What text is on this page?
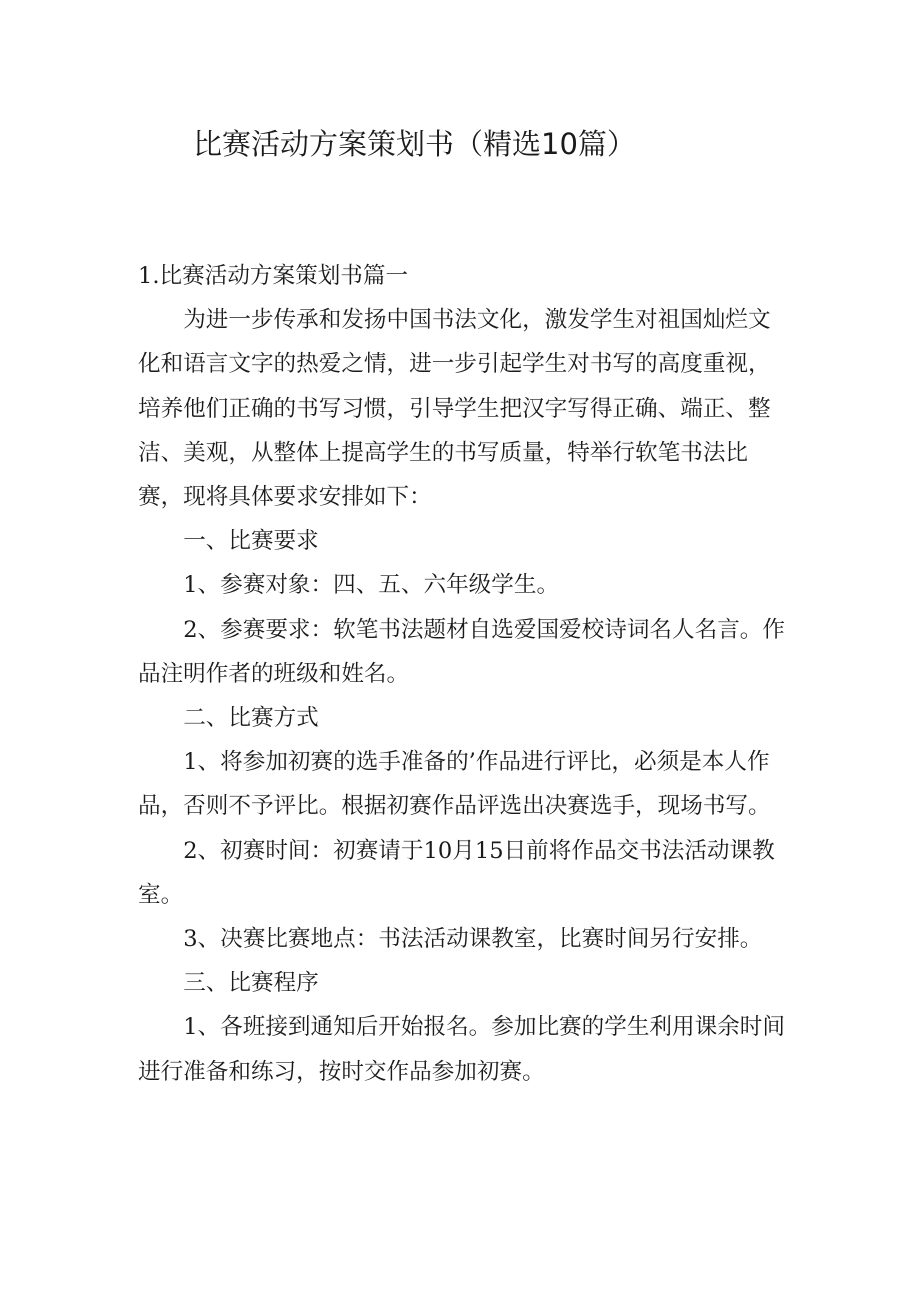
比赛活动方案策划书（精选10篇）

1.比赛活动方案策划书篇一

为进一步传承和发扬中国书法文化，激发学生对祖国灿烂文化和语言文字的热爱之情，进一步引起学生对书写的高度重视，培养他们正确的书写习惯，引导学生把汉字写得正确、端正、整洁、美观，从整体上提高学生的书写质量，特举行软笔书法比赛，现将具体要求安排如下：

一、比赛要求

1、参赛对象：四、五、六年级学生。

2、参赛要求：软笔书法题材自选爱国爱校诗词名人名言。作品注明作者的班级和姓名。

二、比赛方式

1、将参加初赛的选手准备的’作品进行评比，必须是本人作品，否则不予评比。根据初赛作品评选出决赛选手，现场书写。

2、初赛时间：初赛请于10月15日前将作品交书法活动课教室。

3、决赛比赛地点：书法活动课教室，比赛时间另行安排。

三、比赛程序

1、各班接到通知后开始报名。参加比赛的学生利用课余时间进行准备和练习，按时交作品参加初赛。
